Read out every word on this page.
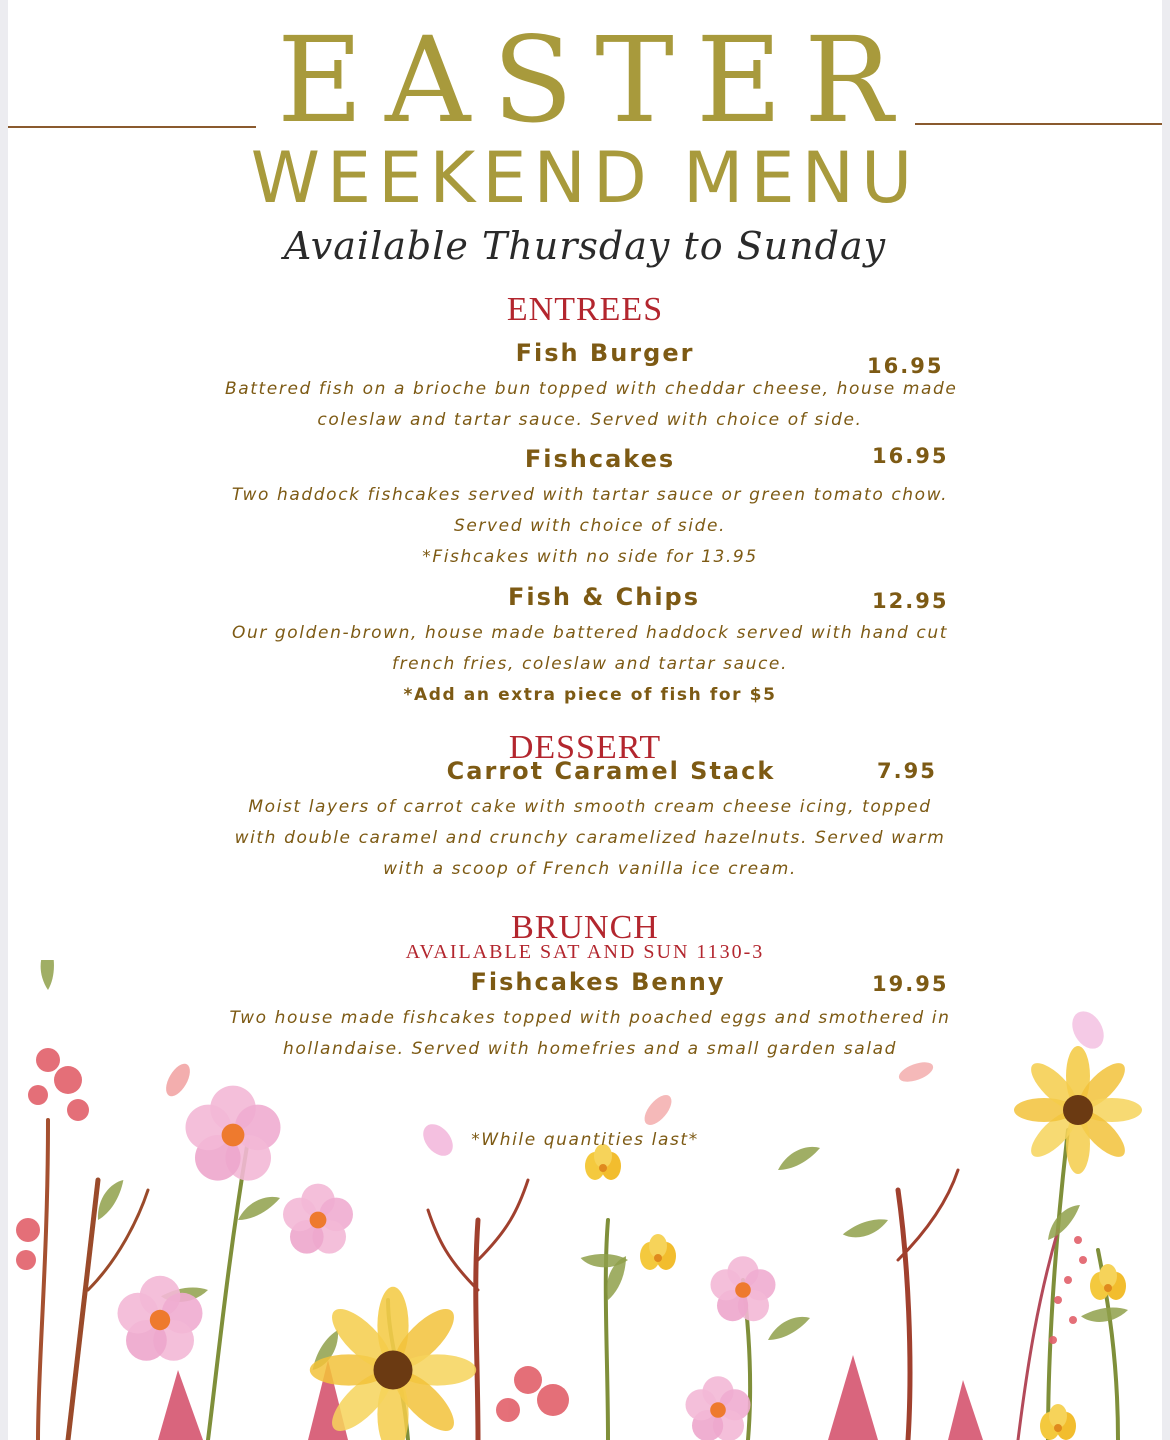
EASTER
WEEKEND MENU
Available Thursday to Sunday
ENTREES
Fish Burger	16.95
Battered fish on a brioche bun topped with cheddar cheese, house made
coleslaw and tartar sauce. Served with choice of side.
Fishcakes	16.95
Two haddock fishcakes served with tartar sauce or green tomato chow.
Served with choice of side.
*Fishcakes with no side for 13.95
Fish & Chips	12.95
Our golden-brown, house made battered haddock served with hand cut
french fries, coleslaw and tartar sauce.
*Add an extra piece of fish for $5
DESSERT
Carrot Caramel Stack	7.95
Moist layers of carrot cake with smooth cream cheese icing, topped
with double caramel and crunchy caramelized hazelnuts. Served warm
with a scoop of French vanilla ice cream.
BRUNCH
AVAILABLE SAT AND SUN 1130-3
Fishcakes Benny	19.95
Two house made fishcakes topped with poached eggs and smothered in
hollandaise. Served with homefries and a small garden salad
*While quantities last*
